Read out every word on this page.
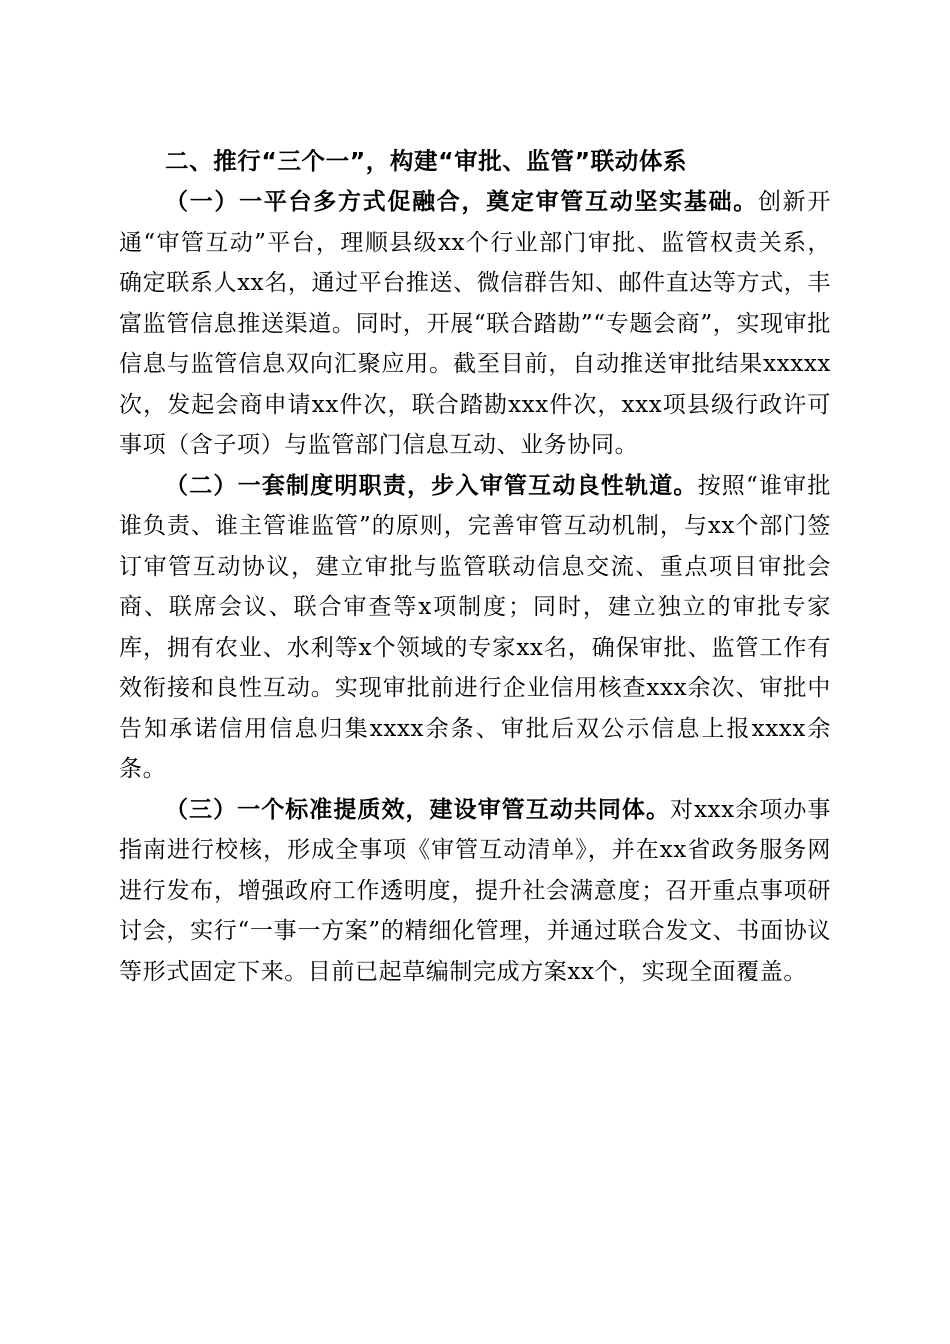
二、推行“三个一”，构建“审批、监管”联动体系

（一）一平台多方式促融合，奠定审管互动坚实基础。创新开通“审管互动”平台，理顺县级xx个行业部门审批、监管权责关系，确定联系人xx名，通过平台推送、微信群告知、邮件直达等方式，丰富监管信息推送渠道。同时，开展“联合踏勘”“专题会商”，实现审批信息与监管信息双向汇聚应用。截至目前，自动推送审批结果xxxxx次，发起会商申请xx件次，联合踏勘xxx件次，xxx项县级行政许可事项（含子项）与监管部门信息互动、业务协同。

（二）一套制度明职责，步入审管互动良性轨道。按照“谁审批谁负责、谁主管谁监管”的原则，完善审管互动机制，与xx个部门签订审管互动协议，建立审批与监管联动信息交流、重点项目审批会商、联席会议、联合审查等x项制度；同时，建立独立的审批专家库，拥有农业、水利等x个领域的专家xx名，确保审批、监管工作有效衔接和良性互动。实现审批前进行企业信用核查xxx余次、审批中告知承诺信用信息归集xxxx余条、审批后双公示信息上报xxxx余条。

（三）一个标准提质效，建设审管互动共同体。对xxx余项办事指南进行校核，形成全事项《审管互动清单》，并在xx省政务服务网进行发布，增强政府工作透明度，提升社会满意度；召开重点事项研讨会，实行“一事一方案”的精细化管理，并通过联合发文、书面协议等形式固定下来。目前已起草编制完成方案xx个，实现全面覆盖。
